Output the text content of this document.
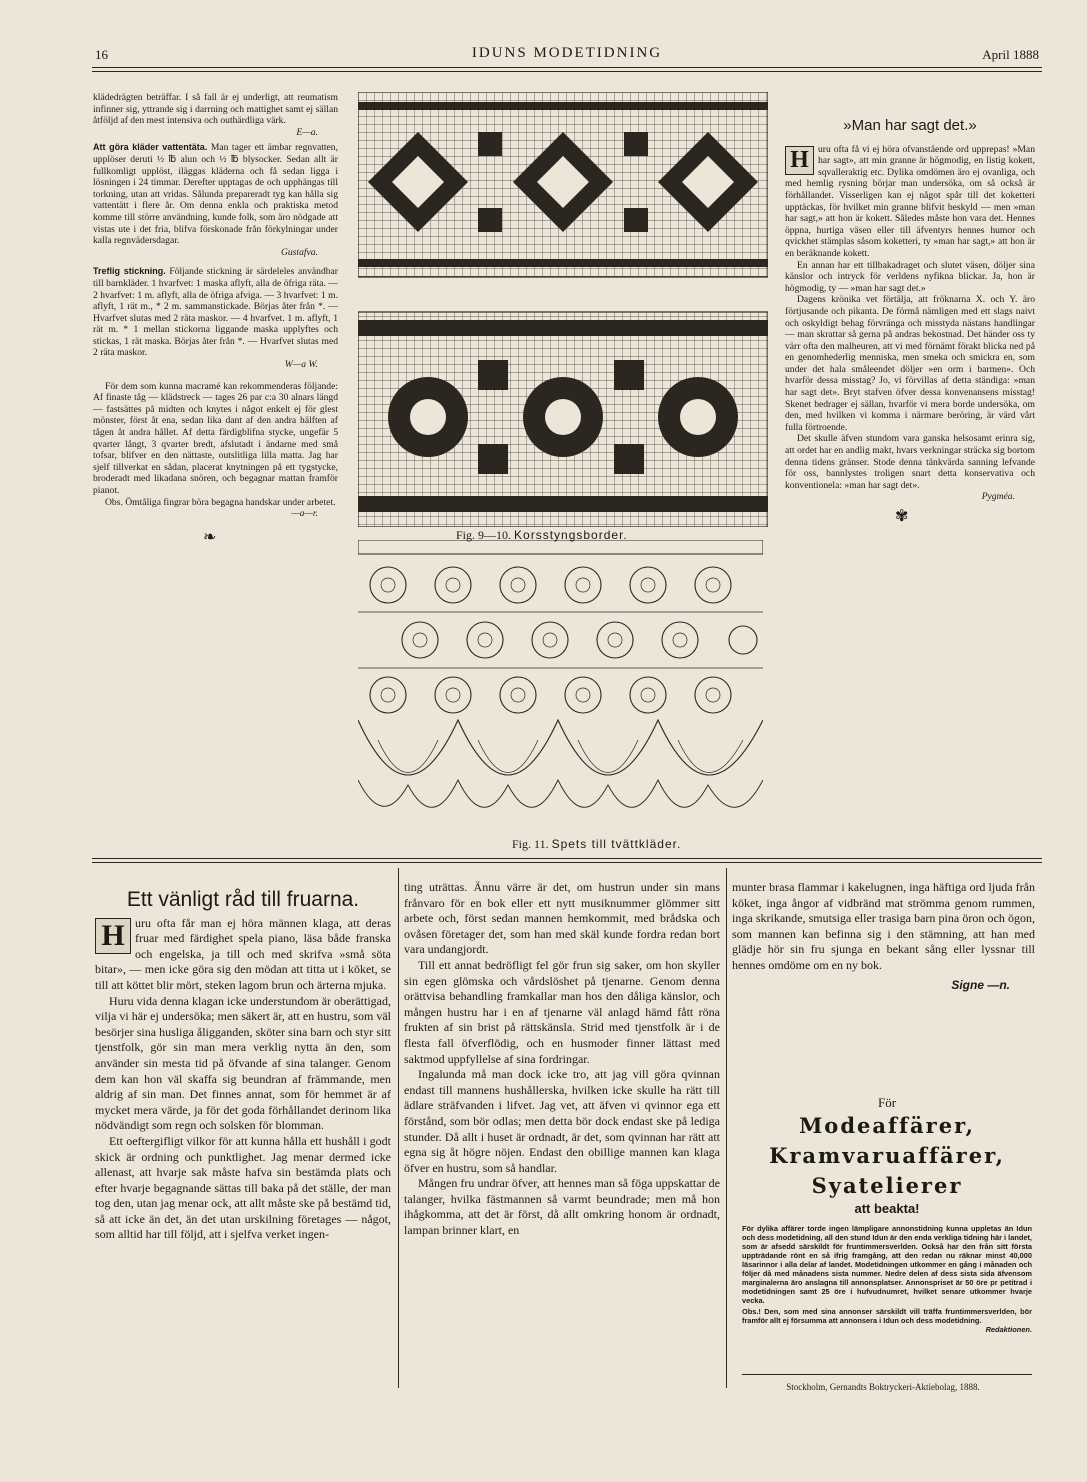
16	IDUNS MODETIDNING	April 1888

klädedrägten beträffar. I så fall är ej underligt, att reumatism infinner sig, yttrande sig i darrning och mattighet samt ej sällan åtföljd af den mest intensiva och outhärdliga värk.

E—a.

Att göra kläder vattentäta. Man tager ett ämbar regnvatten, upplöser deruti ½ ℔ alun och ½ ℔ blysocker. Sedan allt är fullkomligt upplöst, iläggas kläderna och få sedan ligga i lösningen i 24 timmar. Derefter upptagas de och upphängas till torkning, utan att vridas. Sålunda prepareradt tyg kan hålla sig vattentätt i flere år. Om denna enkla och praktiska metod komme till större användning, kunde folk, som äro nödgade att vistas ute i det fria, blifva förskonade från förkylningar under kalla regnvädersdagar.

Gustafva.

Treflig stickning. Följande stickning är särdeleles användbar till barnkläder. 1 hvarfvet: 1 maska aflyft, alla de öfriga räta. — 2 hvarfvet: 1 m. aflyft, alla de öfriga afviga. — 3 hvarfvet: 1 m. aflyft, 1 rät m., * 2 m. sammanstickade. Börjas åter från *. — Hvarfvet slutas med 2 räta maskor. — 4 hvarfvet. 1 m. aflyft, 1 rät m. * 1 mellan stickorna liggande maska upplyftes och stickas, 1 rät maska. Börjas åter från *. — Hvarfvet slutas med 2 räta maskor.

W—a W.

För dem som kunna macramé kan rekommenderas följande: Af finaste tåg — klädstreck — tages 26 par c:a 30 alnars längd — fastsättes på midten och knytes i något enkelt ej för glest mönster, först åt ena, sedan lika dant af den andra hälften af tågen åt andra hållet. Af detta färdigblifna stycke, ungefär 5 qvarter långt, 3 qvarter bredt, afslutadt i ändarne med små tofsar, blifver en den nättaste, outslitliga lilla matta. Jag har sjelf tillverkat en sådan, placerat knytningen på ett tygstycke, broderadt med likadana snören, och begagnar mattan framför pianot.

Obs. Ömtåliga fingrar böra begagna handskar under arbetet.

—a—r.

❧	Fig. 9—10. Korsstyngsborder.
Fig. 11. Spets till tvättkläder.

»Man har sagt det.»

H uru ofta få vi ej höra ofvanstående ord upprepas! »Man har sagt», att min granne är högmodig, en listig kokett, sqvalleraktig etc. Dylika omdömen äro ej ovanliga, och med hemlig rysning börjar man undersöka, om så också är förhållandet. Visserligen kan ej något spår till det koketteri upptäckas, för hvilket min granne blifvit beskyld — men »man har sagt,» att hon är kokett. Således måste hon vara det. Hennes öppna, hurtiga väsen eller till äfventyrs hennes humor och qvickhet stämplas såsom koketteri, ty »man har sagt,» att hon är en beräknande kokett.

En annan har ett tillbakadraget och slutet väsen, döljer sina känslor och intryck för verldens nyfikna blickar. Ja, hon är högmodig, ty — »man har sagt det.»

Dagens krönika vet förtälja, att fröknarna X. och Y. äro förtjusande och pikanta. De förmå nämligen med ett slags naivt och oskyldigt behag förvränga och misstyda nästans handlingar — man skrattar så gerna på andras bekostnad. Det händer oss ty värr ofta den malheuren, att vi med förnämt förakt blicka ned på en genomhederlig menniska, men smeka och smickra en, som under det hala småleendet döljer »en orm i barmen». Och hvarför dessa misstag? Jo, vi förvillas af detta ständiga: »man har sagt det». Bryt stafven öfver dessa konvenansens misstag! Skenet bedrager ej sällan, hvarför vi mera borde undersöka, om den, med hvilken vi komma i närmare beröring, är värd vårt fulla förtroende.

Det skulle äfven stundom vara ganska helsosamt erinra sig, att ordet har en andlig makt, hvars verkningar sträcka sig bortom denna tidens gränser. Stode denna tänkvärda sanning lefvande för oss, bannlystes troligen snart detta konservativa och konventionela: »man har sagt det».

Pygméa.

✾

Ett vänligt råd till fruarna.

H uru ofta får man ej höra männen klaga, att deras fruar med färdighet spela piano, läsa både franska och engelska, ja till och med skrifva »små söta bitar», — men icke göra sig den mödan att titta ut i köket, se till att köttet blir mört, steken lagom brun och ärterna mjuka.

Huru vida denna klagan icke understundom är oberättigad, vilja vi här ej undersöka; men säkert är, att en hustru, som väl besörjer sina husliga åligganden, sköter sina barn och styr sitt tjenstfolk, gör sin man mera verklig nytta än den, som använder sin mesta tid på öfvande af sina talanger. Genom dem kan hon väl skaffa sig beundran af främmande, men aldrig af sin man. Det finnes annat, som för hemmet är af mycket mera värde, ja för det goda förhållandet derinom lika nödvändigt som regn och solsken för blomman.

Ett oeftergifligt vilkor för att kunna hålla ett hushåll i godt skick är ordning och punktlighet. Jag menar dermed icke allenast, att hvarje sak måste hafva sin bestämda plats och efter hvarje begagnande sättas till baka på det ställe, der man tog den, utan jag menar ock, att allt måste ske på bestämd tid, så att icke än det, än det utan urskilning företages — något, som alltid har till följd, att i sjelfva verket ingen-

ting uträttas. Ännu värre är det, om hustrun under sin mans frånvaro för en bok eller ett nytt musiknummer glömmer sitt arbete och, först sedan mannen hemkommit, med brådska och ovåsen företager det, som han med skäl kunde fordra redan bort vara undangjordt.

Till ett annat bedröfligt fel gör frun sig saker, om hon skyller sin egen glömska och vårdslöshet på tjenarne. Genom denna orättvisa behandling framkallar man hos den dåliga känslor, och mången hustru har i en af tjenarne väl anlagd hämd fått röna frukten af sin brist på rättskänsla. Strid med tjenstfolk är i de flesta fall öfverflödig, och en husmoder finner lättast med saktmod uppfyllelse af sina fordringar.

Ingalunda må man dock icke tro, att jag vill göra qvinnan endast till mannens hushållerska, hvilken icke skulle ha rätt till ädlare sträfvanden i lifvet. Jag vet, att äfven vi qvinnor ega ett förstånd, som bör odlas; men detta bör dock endast ske på lediga stunder. Då allt i huset är ordnadt, är det, som qvinnan har rätt att egna sig åt högre nöjen. Endast den obillige mannen kan klaga öfver en hustru, som så handlar.

Mången fru undrar öfver, att hennes man så föga uppskattar de talanger, hvilka fästmannen så varmt beundrade; men må hon ihågkomma, att det är först, då allt omkring honom är ordnadt, lampan brinner klart, en

munter brasa flammar i kakelugnen, inga häftiga ord ljuda från köket, inga ångor af vidbränd mat strömma genom rummen, inga skrikande, smutsiga eller trasiga barn pina öron och ögon, som mannen kan befinna sig i den stämning, att han med glädje hör sin fru sjunga en bekant sång eller lyssnar till hennes omdöme om en ny bok.

Signe —n.

För
Modeaffärer,
Kramvaruaffärer,
Syatelierer
att beakta!
För dylika affärer torde ingen lämpligare annonstidning kunna uppletas än Idun och dess modetidning, all den stund Idun är den enda verkliga tidning här i landet, som är afsedd särskildt för fruntimmersverlden. Också har den från sitt första uppträdande rönt en så ifrig framgång, att den redan nu räknar minst 40,000 läsarinnor i alla delar af landet. Modetidningen utkommer en gång i månaden och följer då med månadens sista nummer. Nedre delen af dess sista sida äfvensom marginalerna äro anslagna till annonsplatser. Annonspriset är 50 öre pr petitrad i modetidningen samt 25 öre i hufvudnumret, hvilket senare utkommer hvarje vecka.
Obs.! Den, som med sina annonser särskildt vill träffa fruntimmersverlden, bör framför allt ej försumma att annonsera i Idun och dess modetidning.
Redaktionen.
Stockholm, Gernandts Boktryckeri-Aktiebolag, 1888.
